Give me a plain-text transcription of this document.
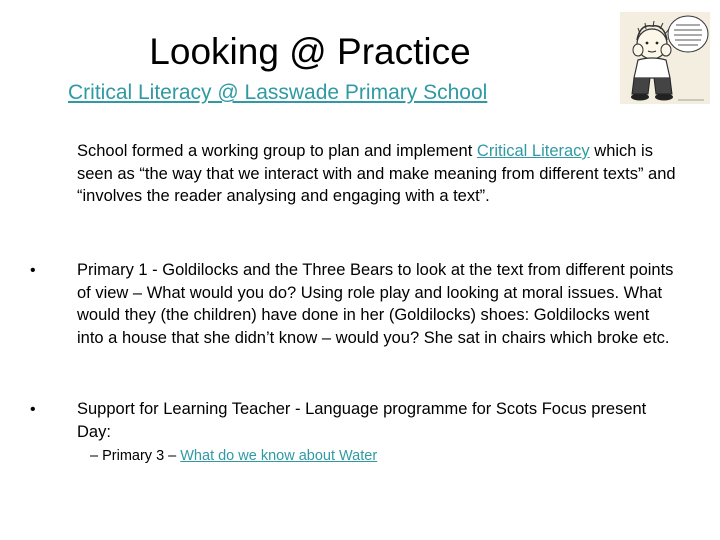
Looking @ Practice
Critical Literacy @ Lasswade Primary School
School formed a working group to plan and implement Critical Literacy which is seen as “the way that we interact with and make meaning from different texts” and “involves the reader analysing and engaging with a text”.
•	Primary 1 - Goldilocks and the Three Bears to look at the text from different points of view – What would you do? Using role play and looking at moral issues. What would they (the children) have done in her (Goldilocks) shoes: Goldilocks went into a house that she didn’t know – would you? She sat in chairs which broke etc.
•	Support for Learning Teacher - Language programme for Scots Focus present Day:
– Primary 3 – What do we know about Water
